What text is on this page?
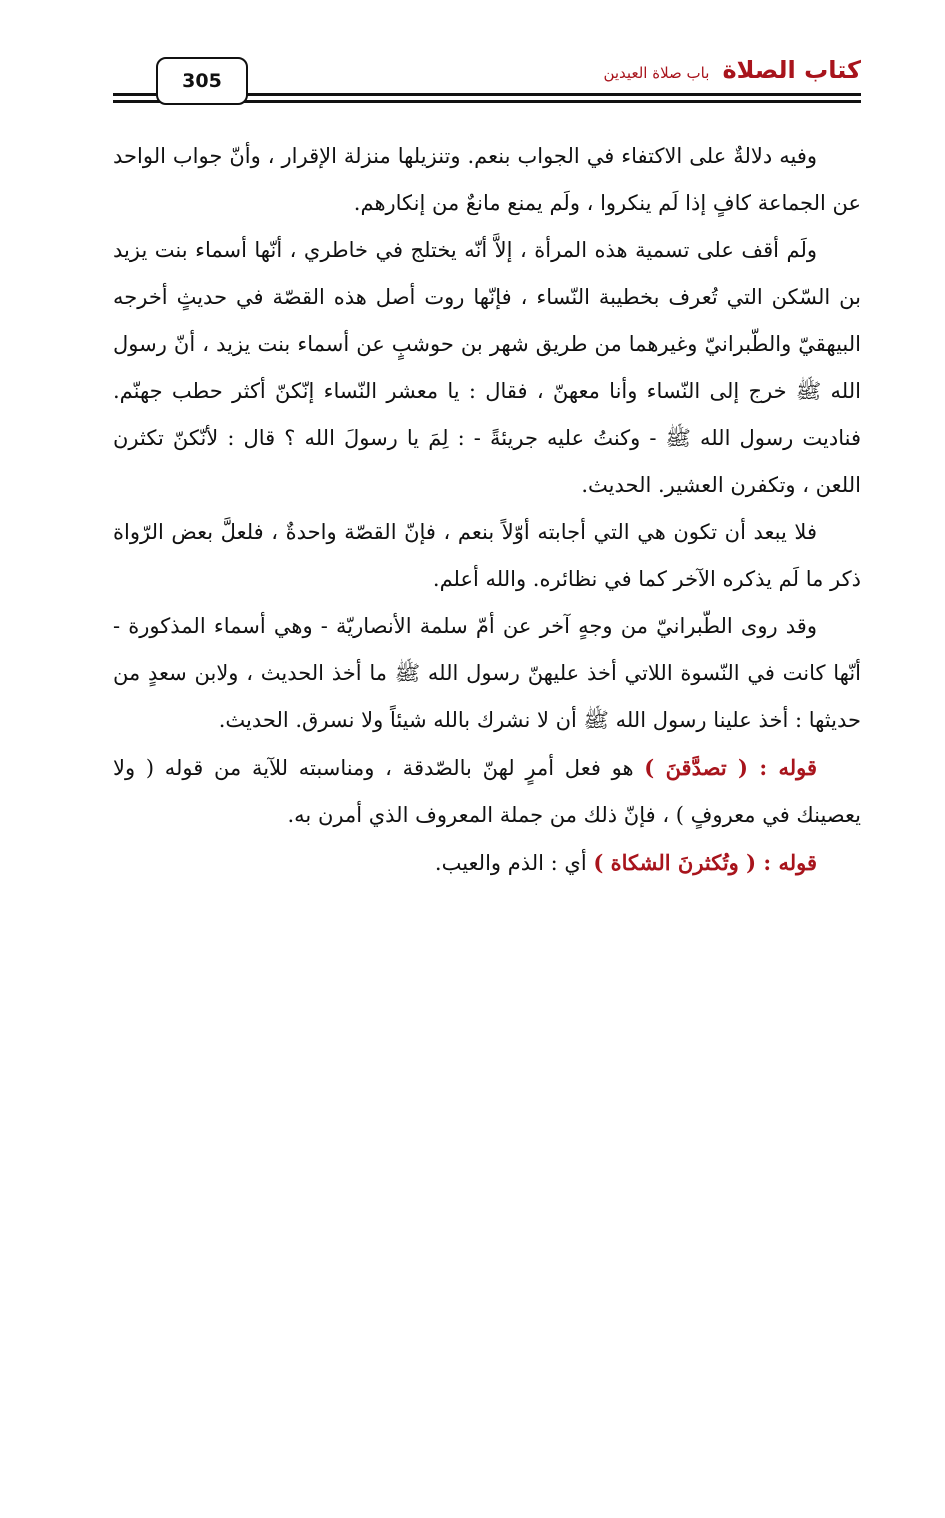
305	كتاب الصلاة باب صلاة العيدين

وفيه دلالةٌ على الاكتفاء في الجواب بنعم. وتنزيلها منزلة الإقرار ، وأنّ جواب الواحد عن الجماعة كافٍ إذا لَم ينكروا ، ولَم يمنع مانعٌ من إنكارهم.

ولَم أقف على تسمية هذه المرأة ، إلاَّ أنّه يختلج في خاطري ، أنّها أسماء بنت يزيد بن السّكن التي تُعرف بخطيبة النّساء ، فإنّها روت أصل هذه القصّة في حديثٍ أخرجه البيهقيّ والطّبرانيّ وغيرهما من طريق شهر بن حوشبٍ عن أسماء بنت يزيد ، أنّ رسول الله ﷺ خرج إلى النّساء وأنا معهنّ ، فقال : يا معشر النّساء إنّكنّ أكثر حطب جهنّم. فناديت رسول الله ﷺ - وكنتُ عليه جريئةً - : لِمَ يا رسولَ الله ؟ قال : لأنّكنّ تكثرن اللعن ، وتكفرن العشير. الحديث.

فلا يبعد أن تكون هي التي أجابته أوّلاً بنعم ، فإنّ القصّة واحدةٌ ، فلعلَّ بعض الرّواة ذكر ما لَم يذكره الآخر كما في نظائره. والله أعلم.

وقد روى الطّبرانيّ من وجهٍ آخر عن أمّ سلمة الأنصاريّة - وهي أسماء المذكورة - أنّها كانت في النّسوة اللاتي أخذ عليهنّ رسول الله ﷺ ما أخذ الحديث ، ولابن سعدٍ من حديثها : أخذ علينا رسول الله ﷺ أن لا نشرك بالله شيئاً ولا نسرق. الحديث.

قوله : ( تصدَّقنَ ) هو فعل أمرٍ لهنّ بالصّدقة ، ومناسبته للآية من قوله ( ولا يعصينك في معروفٍ ) ، فإنّ ذلك من جملة المعروف الذي أمرن به.

قوله : ( وتُكثرنَ الشكاة ) أي : الذم والعيب.
